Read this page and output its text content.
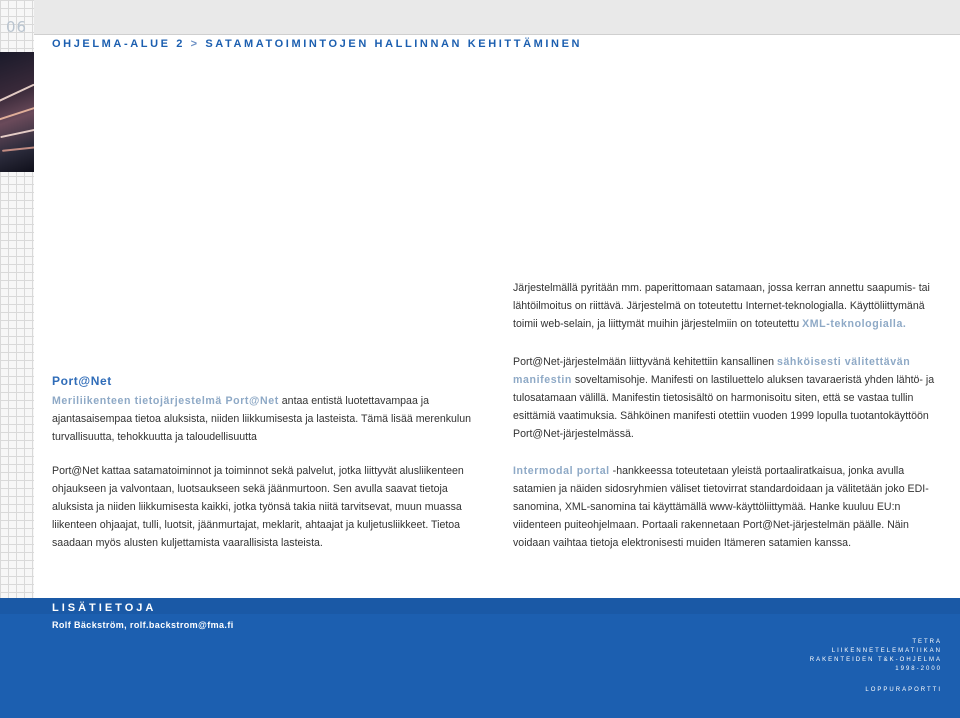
06
OHJELMA-ALUE 2 > SATAMATOIMINTOJEN HALLINNAN KEHITTÄMINEN

Järjestelmällä pyritään mm. paperittomaan satamaan, jossa kerran annettu saapumis- tai lähtöilmoitus on riittävä. Järjestelmä on toteutettu Internet-teknologialla. Käyttöliittymänä toimii web-selain, ja liittymät muihin järjestelmiin on toteutettu XML-teknologialla.

Port@Net-järjestelmään liittyvänä kehitettiin kansallinen sähköisesti välitettävän manifestin soveltamisohje. Manifesti on lastiluettelo aluksen tavaraeristä yhden lähtö- ja tulosatamaan välillä. Manifestin tietosisältö on harmonisoitu siten, että se vastaa tullin esittämiä vaatimuksia. Sähköinen manifesti otettiin vuoden 1999 lopulla tuotantokäyttöön Port@Net-järjestelmässä.

Intermodal portal -hankkeessa toteutetaan yleistä portaaliratkaisua, jonka avulla satamien ja näiden sidosryhmien väliset tietovirrat standardoidaan ja välitetään joko EDI-sanomina, XML-sanomina tai käyttämällä www-käyttöliittymää. Hanke kuuluu EU:n viidenteen puiteohjelmaan. Portaali rakennetaan Port@Net-järjestelmän päälle. Näin voidaan vaihtaa tietoja elektronisesti muiden Itämeren satamien kanssa.

Port@Net

Meriliikenteen tietojärjestelmä Port@Net antaa entistä luotettavampaa ja ajantasaisempaa tietoa aluksista, niiden liikkumisesta ja lasteista. Tämä lisää merenkulun turvallisuutta, tehokkuutta ja taloudellisuutta

Port@Net kattaa satamatoiminnot ja toiminnot sekä palvelut, jotka liittyvät alusliikenteen ohjaukseen ja valvontaan, luotsaukseen sekä jäänmurtoon. Sen avulla saavat tietoja aluksista ja niiden liikkumisesta kaikki, jotka työnsä takia niitä tarvitsevat, muun muassa liikenteen ohjaajat, tulli, luotsit, jäänmurtajat, meklarit, ahtaajat ja kuljetusliikkeet. Tietoa saadaan myös alusten kuljettamista vaarallisista lasteista.

LISÄTIETOJA
Rolf Bäckström, rolf.backstrom@fma.fi
TETRA
LIIKENNETELEMATIIKAN
RAKENTEIDEN T&K-OHJELMA
1998-2000
LOPPURAPORTTI
